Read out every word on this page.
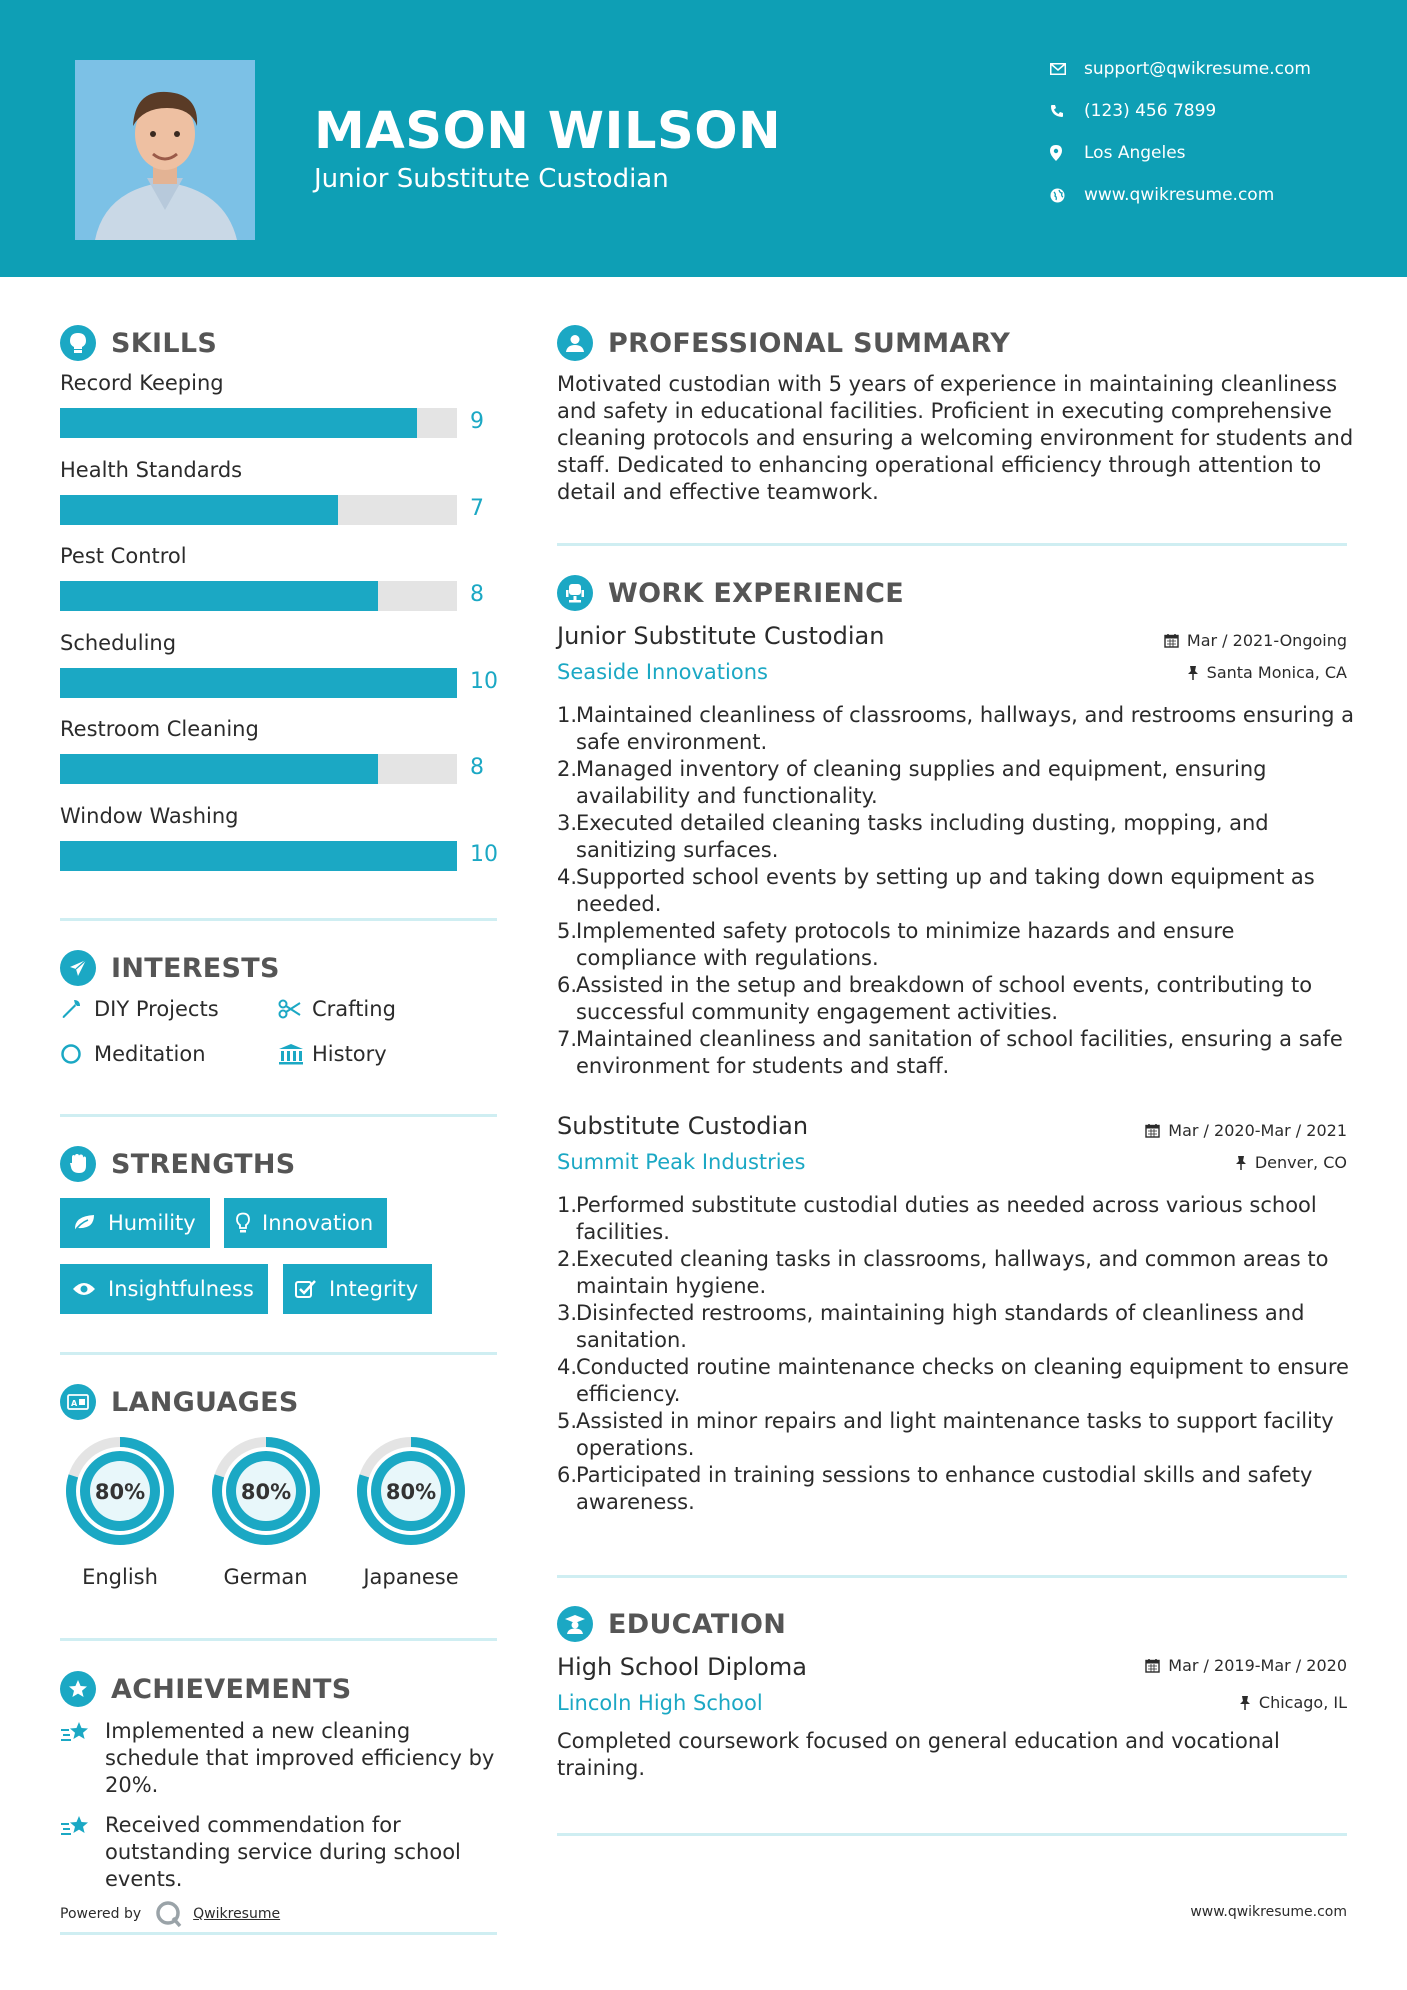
MASON WILSON
Junior Substitute Custodian
support@qwikresume.com
(123) 456 7899
Los Angeles
www.qwikresume.com
SKILLS
Record Keeping
9
Health Standards
7
Pest Control
8
Scheduling
10
Restroom Cleaning
8
Window Washing
10
INTERESTS
DIY Projects	Crafting
Meditation	History
STRENGTHS
Humility	Innovation
Insightfulness	Integrity
A LANGUAGES
80%
English
80%
German
80%
Japanese
ACHIEVEMENTS
Implemented a new cleaning schedule that improved efficiency by 20%.
Received commendation for outstanding service during school events.
Powered by	Qwikresume
PROFESSIONAL SUMMARY
Motivated custodian with 5 years of experience in maintaining cleanliness and safety in educational facilities. Proficient in executing comprehensive cleaning protocols and ensuring a welcoming environment for students and staff. Dedicated to enhancing operational efficiency through attention to detail and effective teamwork.
WORK EXPERIENCE
Junior Substitute Custodian
Seaside Innovations
Mar / 2021-Ongoing
Santa Monica, CA
1.
Maintained cleanliness of classrooms, hallways, and restrooms ensuring a safe environment.
2.
Managed inventory of cleaning supplies and equipment, ensuring availability and functionality.
3.
Executed detailed cleaning tasks including dusting, mopping, and sanitizing surfaces.
4.
Supported school events by setting up and taking down equipment as needed.
5.
Implemented safety protocols to minimize hazards and ensure compliance with regulations.
6.
Assisted in the setup and breakdown of school events, contributing to successful community engagement activities.
7.
Maintained cleanliness and sanitation of school facilities, ensuring a safe environment for students and staff.
Substitute Custodian
Summit Peak Industries
Mar / 2020-Mar / 2021
Denver, CO
1.
Performed substitute custodial duties as needed across various school facilities.
2.
Executed cleaning tasks in classrooms, hallways, and common areas to maintain hygiene.
3.
Disinfected restrooms, maintaining high standards of cleanliness and sanitation.
4.
Conducted routine maintenance checks on cleaning equipment to ensure efficiency.
5.
Assisted in minor repairs and light maintenance tasks to support facility operations.
6.
Participated in training sessions to enhance custodial skills and safety awareness.
EDUCATION
High School Diploma
Lincoln High School
Mar / 2019-Mar / 2020
Chicago, IL
Completed coursework focused on general education and vocational training.
www.qwikresume.com
